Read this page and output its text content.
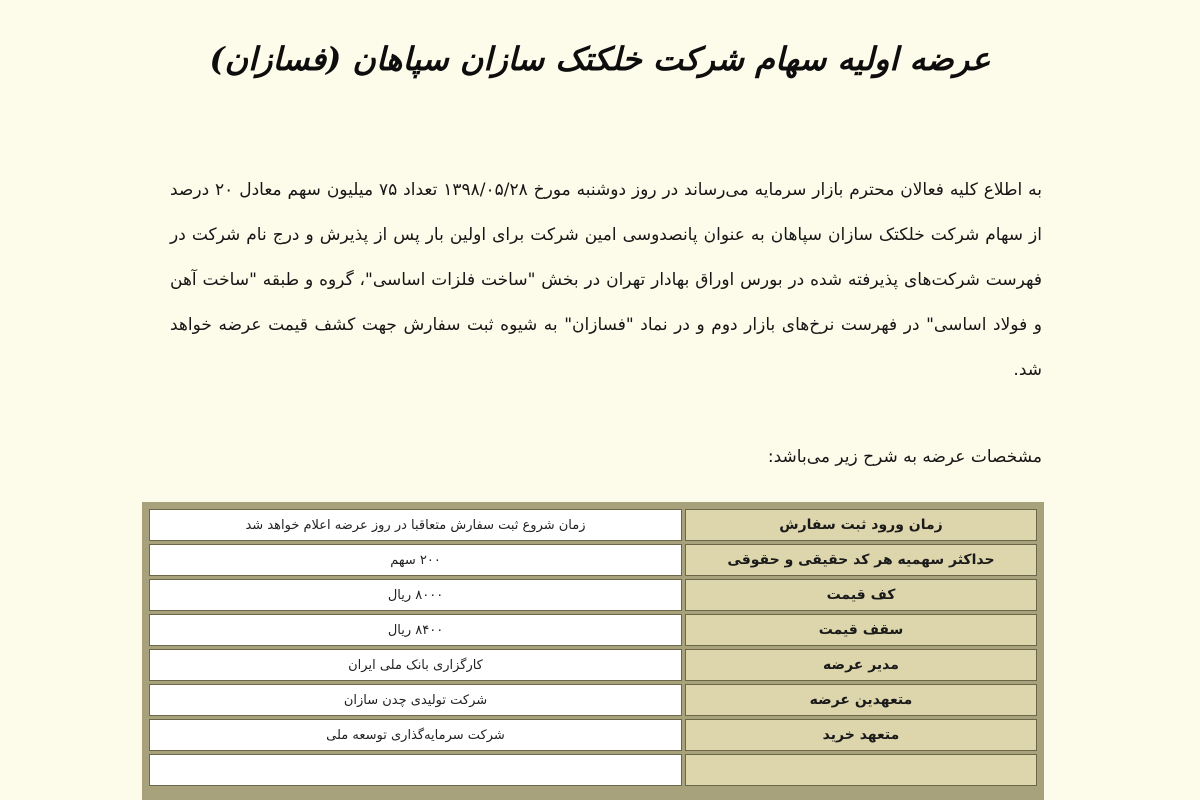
عرضه اولیه سهام شرکت خلکتک سازان سپاهان (فسازان)

به اطلاع کلیه فعالان محترم بازار سرمایه می‌رساند در روز دوشنبه مورخ ۱۳۹۸/۰۵/۲۸ تعداد ۷۵ میلیون سهم معادل ۲۰ درصد از سهام شرکت خلکتک سازان سپاهان به عنوان پانصدوسی امین شرکت برای اولین بار پس از پذیرش و درج نام شرکت در فهرست شرکت‌های پذیرفته شده در بورس اوراق بهادار تهران در بخش "ساخت فلزات اساسی"، گروه و طبقه "ساخت آهن و فولاد اساسی" در فهرست نرخ‌های بازار دوم و در نماد "فسازان" به شیوه ثبت سفارش جهت کشف قیمت عرضه خواهد شد.

مشخصات عرضه به شرح زیر می‌باشد:
زمان ورود ثبت سفارش	زمان شروع ثبت سفارش متعاقبا در روز عرضه اعلام خواهد شد
حداکثر سهمیه هر کد حقیقی و حقوقی	۲۰۰ سهم
کف قیمت	۸۰۰۰ ریال
سقف قیمت	۸۴۰۰ ریال
مدیر عرضه	کارگزاری بانک ملی ایران
متعهدین عرضه	شرکت تولیدی چدن سازان
متعهد خرید	شرکت سرمایه‌گذاری توسعه ملی
